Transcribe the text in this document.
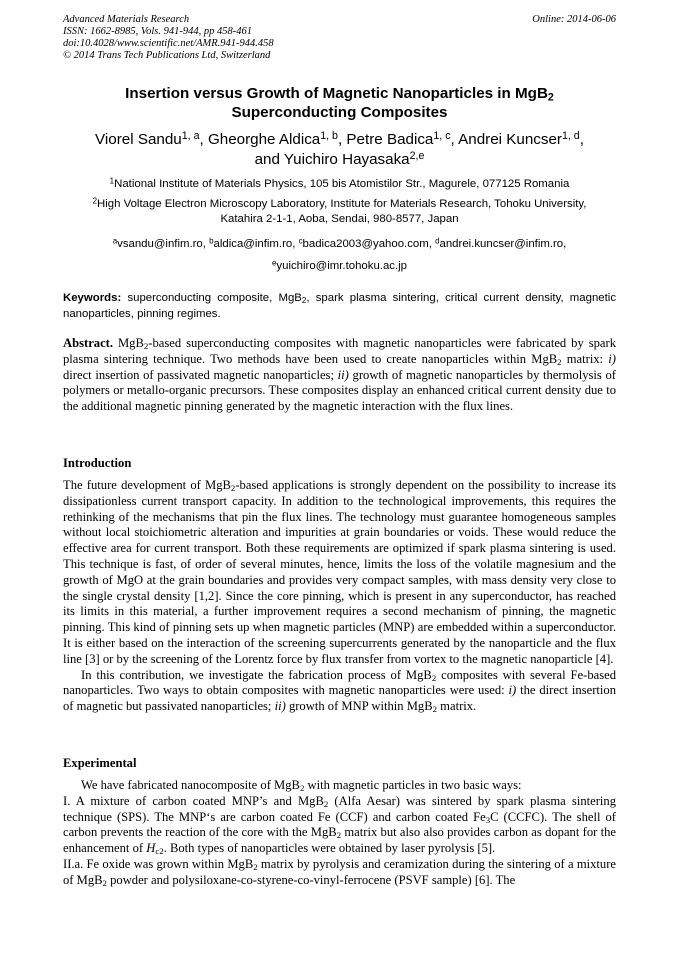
Advanced Materials Research
ISSN: 1662-8985, Vols. 941-944, pp 458-461
doi:10.4028/www.scientific.net/AMR.941-944.458
© 2014 Trans Tech Publications Ltd, Switzerland
Online: 2014-06-06
Insertion versus Growth of Magnetic Nanoparticles in MgB$_2$
Superconducting Composites
Viorel Sandu$^{1, a}$, Gheorghe Aldica$^{1, b}$, Petre Badica$^{1, c}$, Andrei Kuncser$^{1, d}$,
and Yuichiro Hayasaka$^{2,e}$
$^1$National Institute of Materials Physics, 105 bis Atomistilor Str., Magurele, 077125 Romania
$^2$High Voltage Electron Microscopy Laboratory, Institute for Materials Research, Tohoku University,
Katahira 2-1-1, Aoba, Sendai, 980-8577, Japan
$^a$vsandu@infim.ro, $^b$aldica@infim.ro, $^c$badica2003@yahoo.com, $^d$andrei.kuncser@infim.ro,
$^e$yuichiro@imr.tohoku.ac.jp
Keywords: superconducting composite, MgB$_2$, spark plasma sintering, critical current density, magnetic nanoparticles, pinning regimes.

Abstract. MgB$_2$-based superconducting composites with magnetic nanoparticles were fabricated by spark plasma sintering technique. Two methods have been used to create nanoparticles within MgB$_2$ matrix: i) direct insertion of passivated magnetic nanoparticles; ii) growth of magnetic nanoparticles by thermolysis of polymers or metallo-organic precursors. These composites display an enhanced critical current density due to the additional magnetic pinning generated by the magnetic interaction with the flux lines.

Introduction

The future development of MgB$_2$-based applications is strongly dependent on the possibility to increase its dissipationless current transport capacity. In addition to the technological improvements, this requires the rethinking of the mechanisms that pin the flux lines. The technology must guarantee homogeneous samples without local stoichiometric alteration and impurities at grain boundaries or voids. These would reduce the effective area for current transport. Both these requirements are optimized if spark plasma sintering is used. This technique is fast, of order of several minutes, hence, limits the loss of the volatile magnesium and the growth of MgO at the grain boundaries and provides very compact samples, with mass density very close to the single crystal density [1,2]. Since the core pinning, which is present in any superconductor, has reached its limits in this material, a further improvement requires a second mechanism of pinning, the magnetic pinning. This kind of pinning sets up when magnetic particles (MNP) are embedded within a superconductor. It is either based on the interaction of the screening supercurrents generated by the nanoparticle and the flux line [3] or by the screening of the Lorentz force by flux transfer from vortex to the magnetic nanoparticle [4].

In this contribution, we investigate the fabrication process of MgB$_2$ composites with several Fe-based nanoparticles. Two ways to obtain composites with magnetic nanoparticles were used: i) the direct insertion of magnetic but passivated nanoparticles; ii) growth of MNP within MgB$_2$ matrix.

Experimental

We have fabricated nanocomposite of MgB$_2$ with magnetic particles in two basic ways:

I. A mixture of carbon coated MNP’s and MgB$_2$ (Alfa Aesar) was sintered by spark plasma sintering technique (SPS). The MNP‘s are carbon coated Fe (CCF) and carbon coated $Fe_3C$ (CCFC). The shell of carbon prevents the reaction of the core with the MgB$_2$ matrix but also also provides carbon as dopant for the enhancement of $H_{c2}$. Both types of nanoparticles were obtained by laser pyrolysis [5].

II.a. Fe oxide was grown within MgB$_2$ matrix by pyrolysis and ceramization during the sintering of a mixture of MgB$_2$ powder and polysiloxane-co-styrene-co-vinyl-ferrocene (PSVF sample) [6]. The
